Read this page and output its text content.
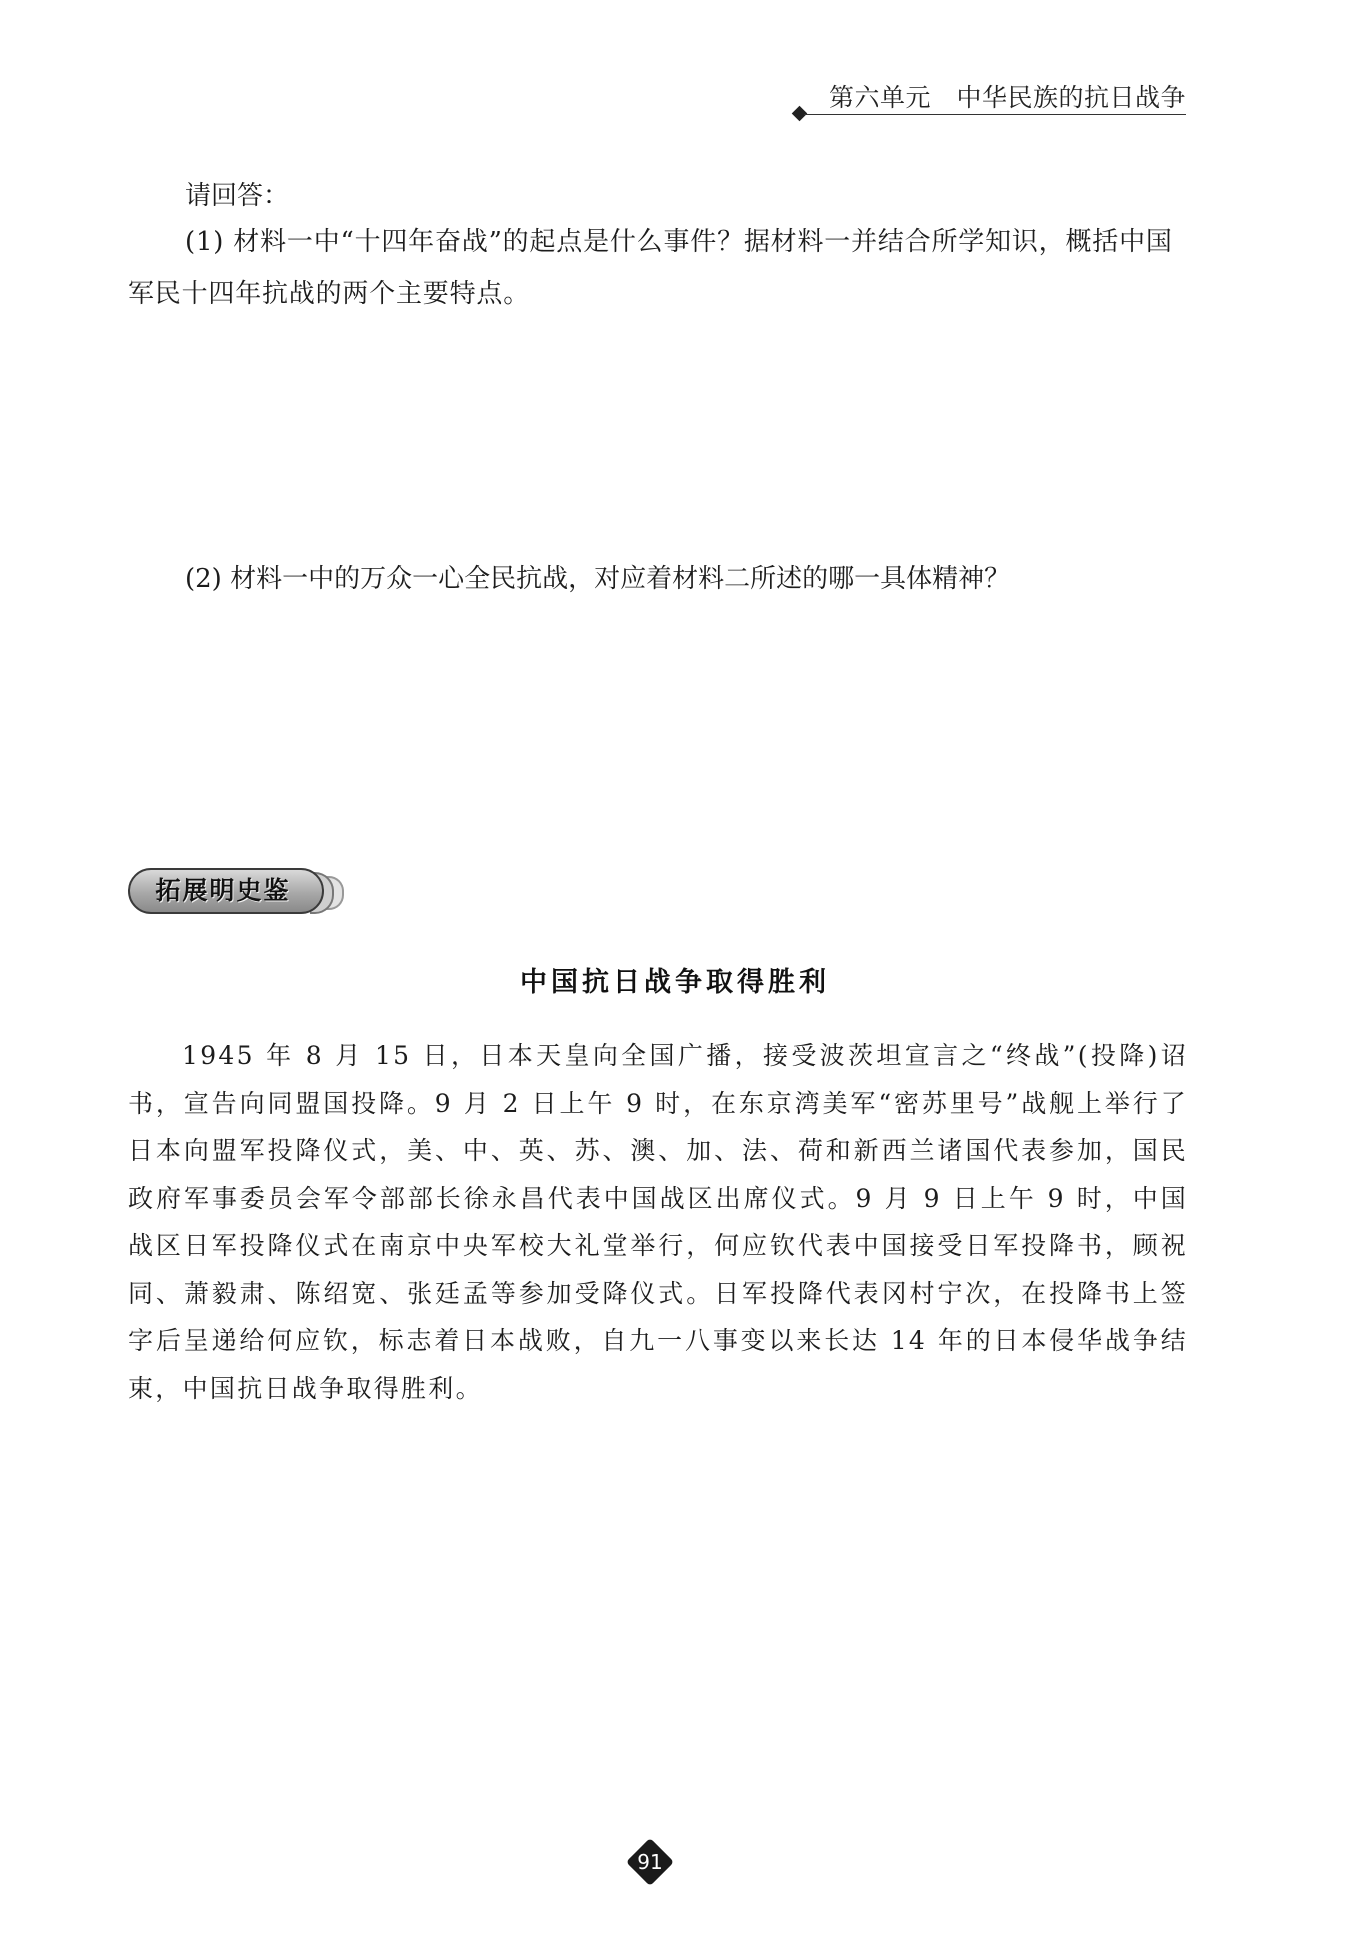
第六单元　中华民族的抗日战争
请回答：
(1) 材料一中“十四年奋战”的起点是什么事件？据材料一并结合所学知识，概括中国军民十四年抗战的两个主要特点。
(2) 材料一中的万众一心全民抗战，对应着材料二所述的哪一具体精神？
拓展明史鉴
中国抗日战争取得胜利
1945 年 8 月 15 日，日本天皇向全国广播，接受波茨坦宣言之“终战”(投降)诏书，宣告向同盟国投降。9 月 2 日上午 9 时，在东京湾美军“密苏里号”战舰上举行了日本向盟军投降仪式，美、中、英、苏、澳、加、法、荷和新西兰诸国代表参加，国民政府军事委员会军令部部长徐永昌代表中国战区出席仪式。9 月 9 日上午 9 时，中国战区日军投降仪式在南京中央军校大礼堂举行，何应钦代表中国接受日军投降书，顾祝同、萧毅肃、陈绍宽、张廷孟等参加受降仪式。日军投降代表冈村宁次，在投降书上签字后呈递给何应钦，标志着日本战败，自九一八事变以来长达 14 年的日本侵华战争结束，中国抗日战争取得胜利。
91
